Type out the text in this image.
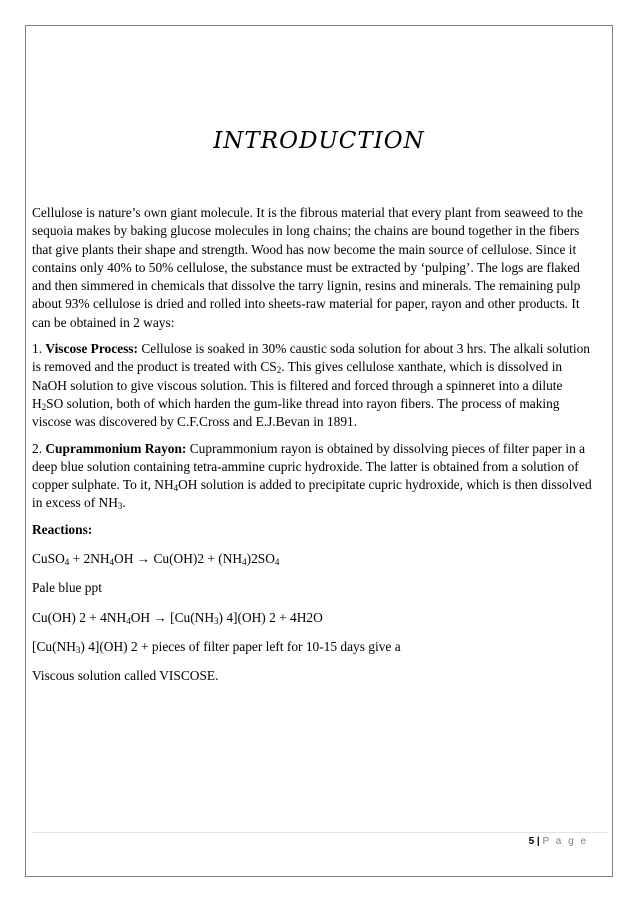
INTRODUCTION

Cellulose is nature’s own giant molecule. It is the fibrous material that every plant from seaweed to the sequoia makes by baking glucose molecules in long chains; the chains are bound together in the fibers that give plants their shape and strength. Wood has now become the main source of cellulose. Since it contains only 40% to 50% cellulose, the substance must be extracted by ‘pulping’. The logs are flaked and then simmered in chemicals that dissolve the tarry lignin, resins and minerals. The remaining pulp about 93% cellulose is dried and rolled into sheets-raw material for paper, rayon and other products. It can be obtained in 2 ways:

1. Viscose Process: Cellulose is soaked in 30% caustic soda solution for about 3 hrs. The alkali solution is removed and the product is treated with $CS_2$. This gives cellulose xanthate, which is dissolved in NaOH solution to give viscous solution. This is filtered and forced through a spinneret into a dilute $H_2SO$ solution, both of which harden the gum-like thread into rayon fibers. The process of making viscose was discovered by C.F.Cross and E.J.Bevan in 1891.

2. Cuprammonium Rayon: Cuprammonium rayon is obtained by dissolving pieces of filter paper in a deep blue solution containing tetra-ammine cupric hydroxide. The latter is obtained from a solution of copper sulphate. To it, $NH_4OH$ solution is added to precipitate cupric hydroxide, which is then dissolved in excess of $NH_3$.

Reactions:

CuSO$_4$ + $2NH_4OH \to Cu(OH)2 + (NH_4)2SO_4$

Pale blue ppt

Cu(OH) $2 + 4NH_4OH \to [Cu(NH_3)$ 4](OH) 2 + 4H2O

[$Cu(NH_3)$ 4](OH) 2 + pieces of filter paper left for 10-15 days give a

Viscous solution called VISCOSE.

5 | P a g e
